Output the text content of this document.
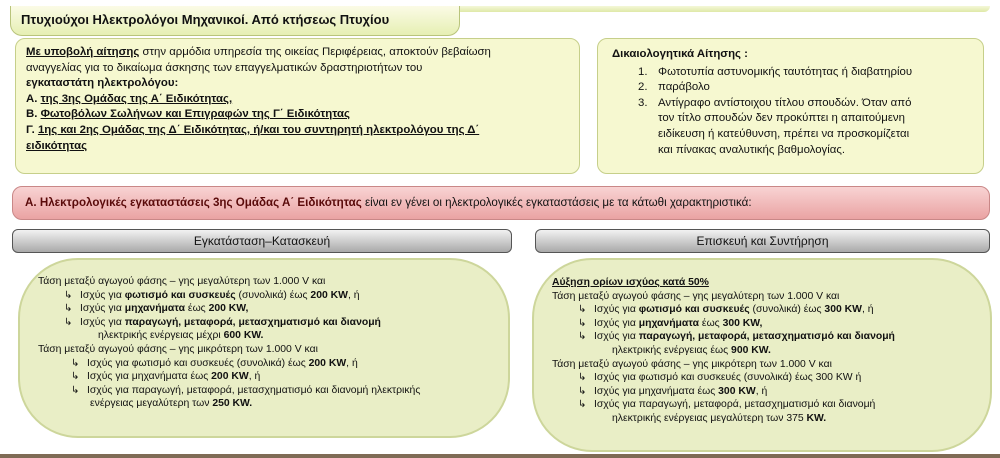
Πτυχιούχοι Ηλεκτρολόγοι Μηχανικοί. Από κτήσεως Πτυχίου
Με υποβολή αίτησης στην αρμόδια υπηρεσία της οικείας Περιφέρειας, αποκτούν βεβαίωση
αναγγελίας για το δικαίωμα άσκησης των επαγγελματικών δραστηριοτήτων του
εγκαταστάτη ηλεκτρολόγου:
Α. της 3ης Ομάδας της Α΄ Ειδικότητας,
Β. Φωτοβόλων Σωλήνων και Επιγραφών της Γ΄ Ειδικότητας
Γ. 1ης και 2ης Ομάδας της Δ΄ Ειδικότητας, ή/και του συντηρητή ηλεκτρολόγου της Δ΄
ειδικότητας
Δικαιολογητικά Αίτησης :
1. Φωτοτυπία αστυνομικής ταυτότητας ή διαβατηρίου
2. παράβολο
3. Αντίγραφο αντίστοιχου τίτλου σπουδών. Όταν από
τον τίτλο σπουδών δεν προκύπτει η απαιτούμενη
ειδίκευση ή κατεύθυνση, πρέπει να προσκομίζεται
και πίνακας αναλυτικής βαθμολογίας.
Α. Ηλεκτρολογικές εγκαταστάσεις 3ης Ομάδας Α΄ Ειδικότητας είναι εν γένει οι ηλεκτρολογικές εγκαταστάσεις με τα κάτωθι χαρακτηριστικά:
Εγκατάσταση–Κατασκευή	Επισκευή και Συντήρηση
Τάση μεταξύ αγωγού φάσης – γης μεγαλύτερη των 1.000 V και
↳ Ισχύς για φωτισμό και συσκευές (συνολικά) έως 200 KW, ή
↳ Ισχύς για μηχανήματα έως 200 KW,
↳ Ισχύς για παραγωγή, μεταφορά, μετασχηματισμό και διανομή
ηλεκτρικής ενέργειας μέχρι 600 KW.
Τάση μεταξύ αγωγού φάσης – γης μικρότερη των 1.000 V και
↳ Ισχύς για φωτισμό και συσκευές (συνολικά) έως 200 KW, ή
↳ Ισχύς για μηχανήματα έως 200 KW, ή
↳ Ισχύς για παραγωγή, μεταφορά, μετασχηματισμό και διανομή ηλεκτρικής
ενέργειας μεγαλύτερη των 250 KW.
Αύξηση ορίων ισχύος κατά 50%
Τάση μεταξύ αγωγού φάσης – γης μεγαλύτερη των 1.000 V και
↳ Ισχύς για φωτισμό και συσκευές (συνολικά) έως 300 KW, ή
↳ Ισχύς για μηχανήματα έως 300 KW,
↳ Ισχύς για παραγωγή, μεταφορά, μετασχηματισμό και διανομή
ηλεκτρικής ενέργειας έως 900 KW.
Τάση μεταξύ αγωγού φάσης – γης μικρότερη των 1.000 V και
↳ Ισχύς για φωτισμό και συσκευές (συνολικά) έως 300 KW ή
↳ Ισχύς για μηχανήματα έως 300 KW, ή
↳ Ισχύς για παραγωγή, μεταφορά, μετασχηματισμό και διανομή
ηλεκτρικής ενέργειας μεγαλύτερη των 375 KW.
